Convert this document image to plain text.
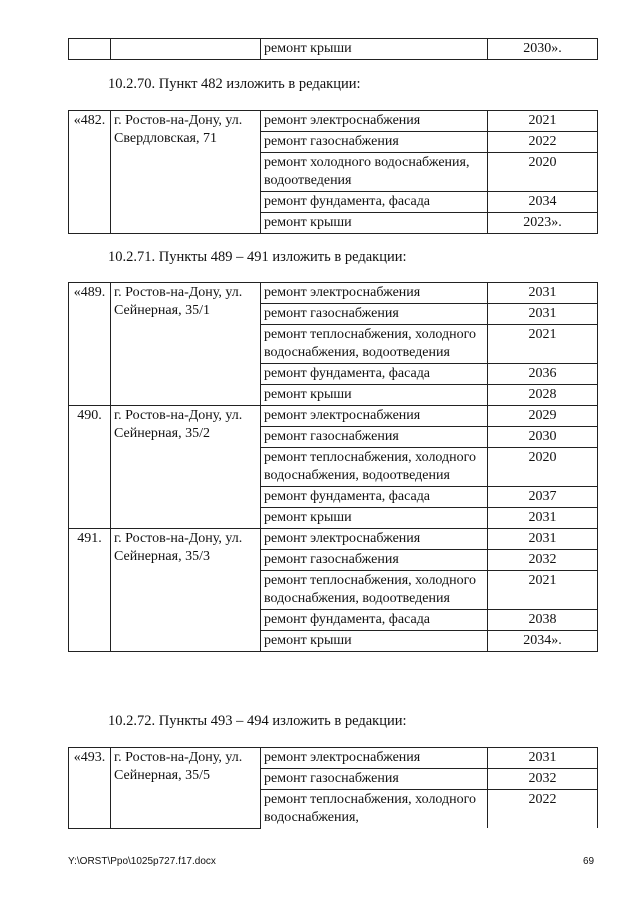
		ремонт крыши	2030».
10.2.70. Пункт 482 изложить в редакции:
«482.	г. Ростов-на-Дону, ул. Свердловская, 71	ремонт электроснабжения	2021
		ремонт газоснабжения	2022
		ремонт холодного водоснабжения, водоотведения	2020
		ремонт фундамента, фасада	2034
		ремонт крыши	2023».
10.2.71. Пункты 489 – 491 изложить в редакции:
«489.	г. Ростов-на-Дону, ул. Сейнерная, 35/1	ремонт электроснабжения	2031
		ремонт газоснабжения	2031
		ремонт теплоснабжения, холодного водоснабжения, водоотведения	2021
		ремонт фундамента, фасада	2036
		ремонт крыши	2028
490.	г. Ростов-на-Дону, ул. Сейнерная, 35/2	ремонт электроснабжения	2029
		ремонт газоснабжения	2030
		ремонт теплоснабжения, холодного водоснабжения, водоотведения	2020
		ремонт фундамента, фасада	2037
		ремонт крыши	2031
491.	г. Ростов-на-Дону, ул. Сейнерная, 35/3	ремонт электроснабжения	2031
		ремонт газоснабжения	2032
		ремонт теплоснабжения, холодного водоснабжения, водоотведения	2021
		ремонт фундамента, фасада	2038
		ремонт крыши	2034».
10.2.72. Пункты 493 – 494 изложить в редакции:
«493.	г. Ростов-на-Дону, ул. Сейнерная, 35/5	ремонт электроснабжения	2031
		ремонт газоснабжения	2032
		ремонт теплоснабжения, холодного водоснабжения,	2022
Y:\ORST\Ppo\1025p727.f17.docx	69
